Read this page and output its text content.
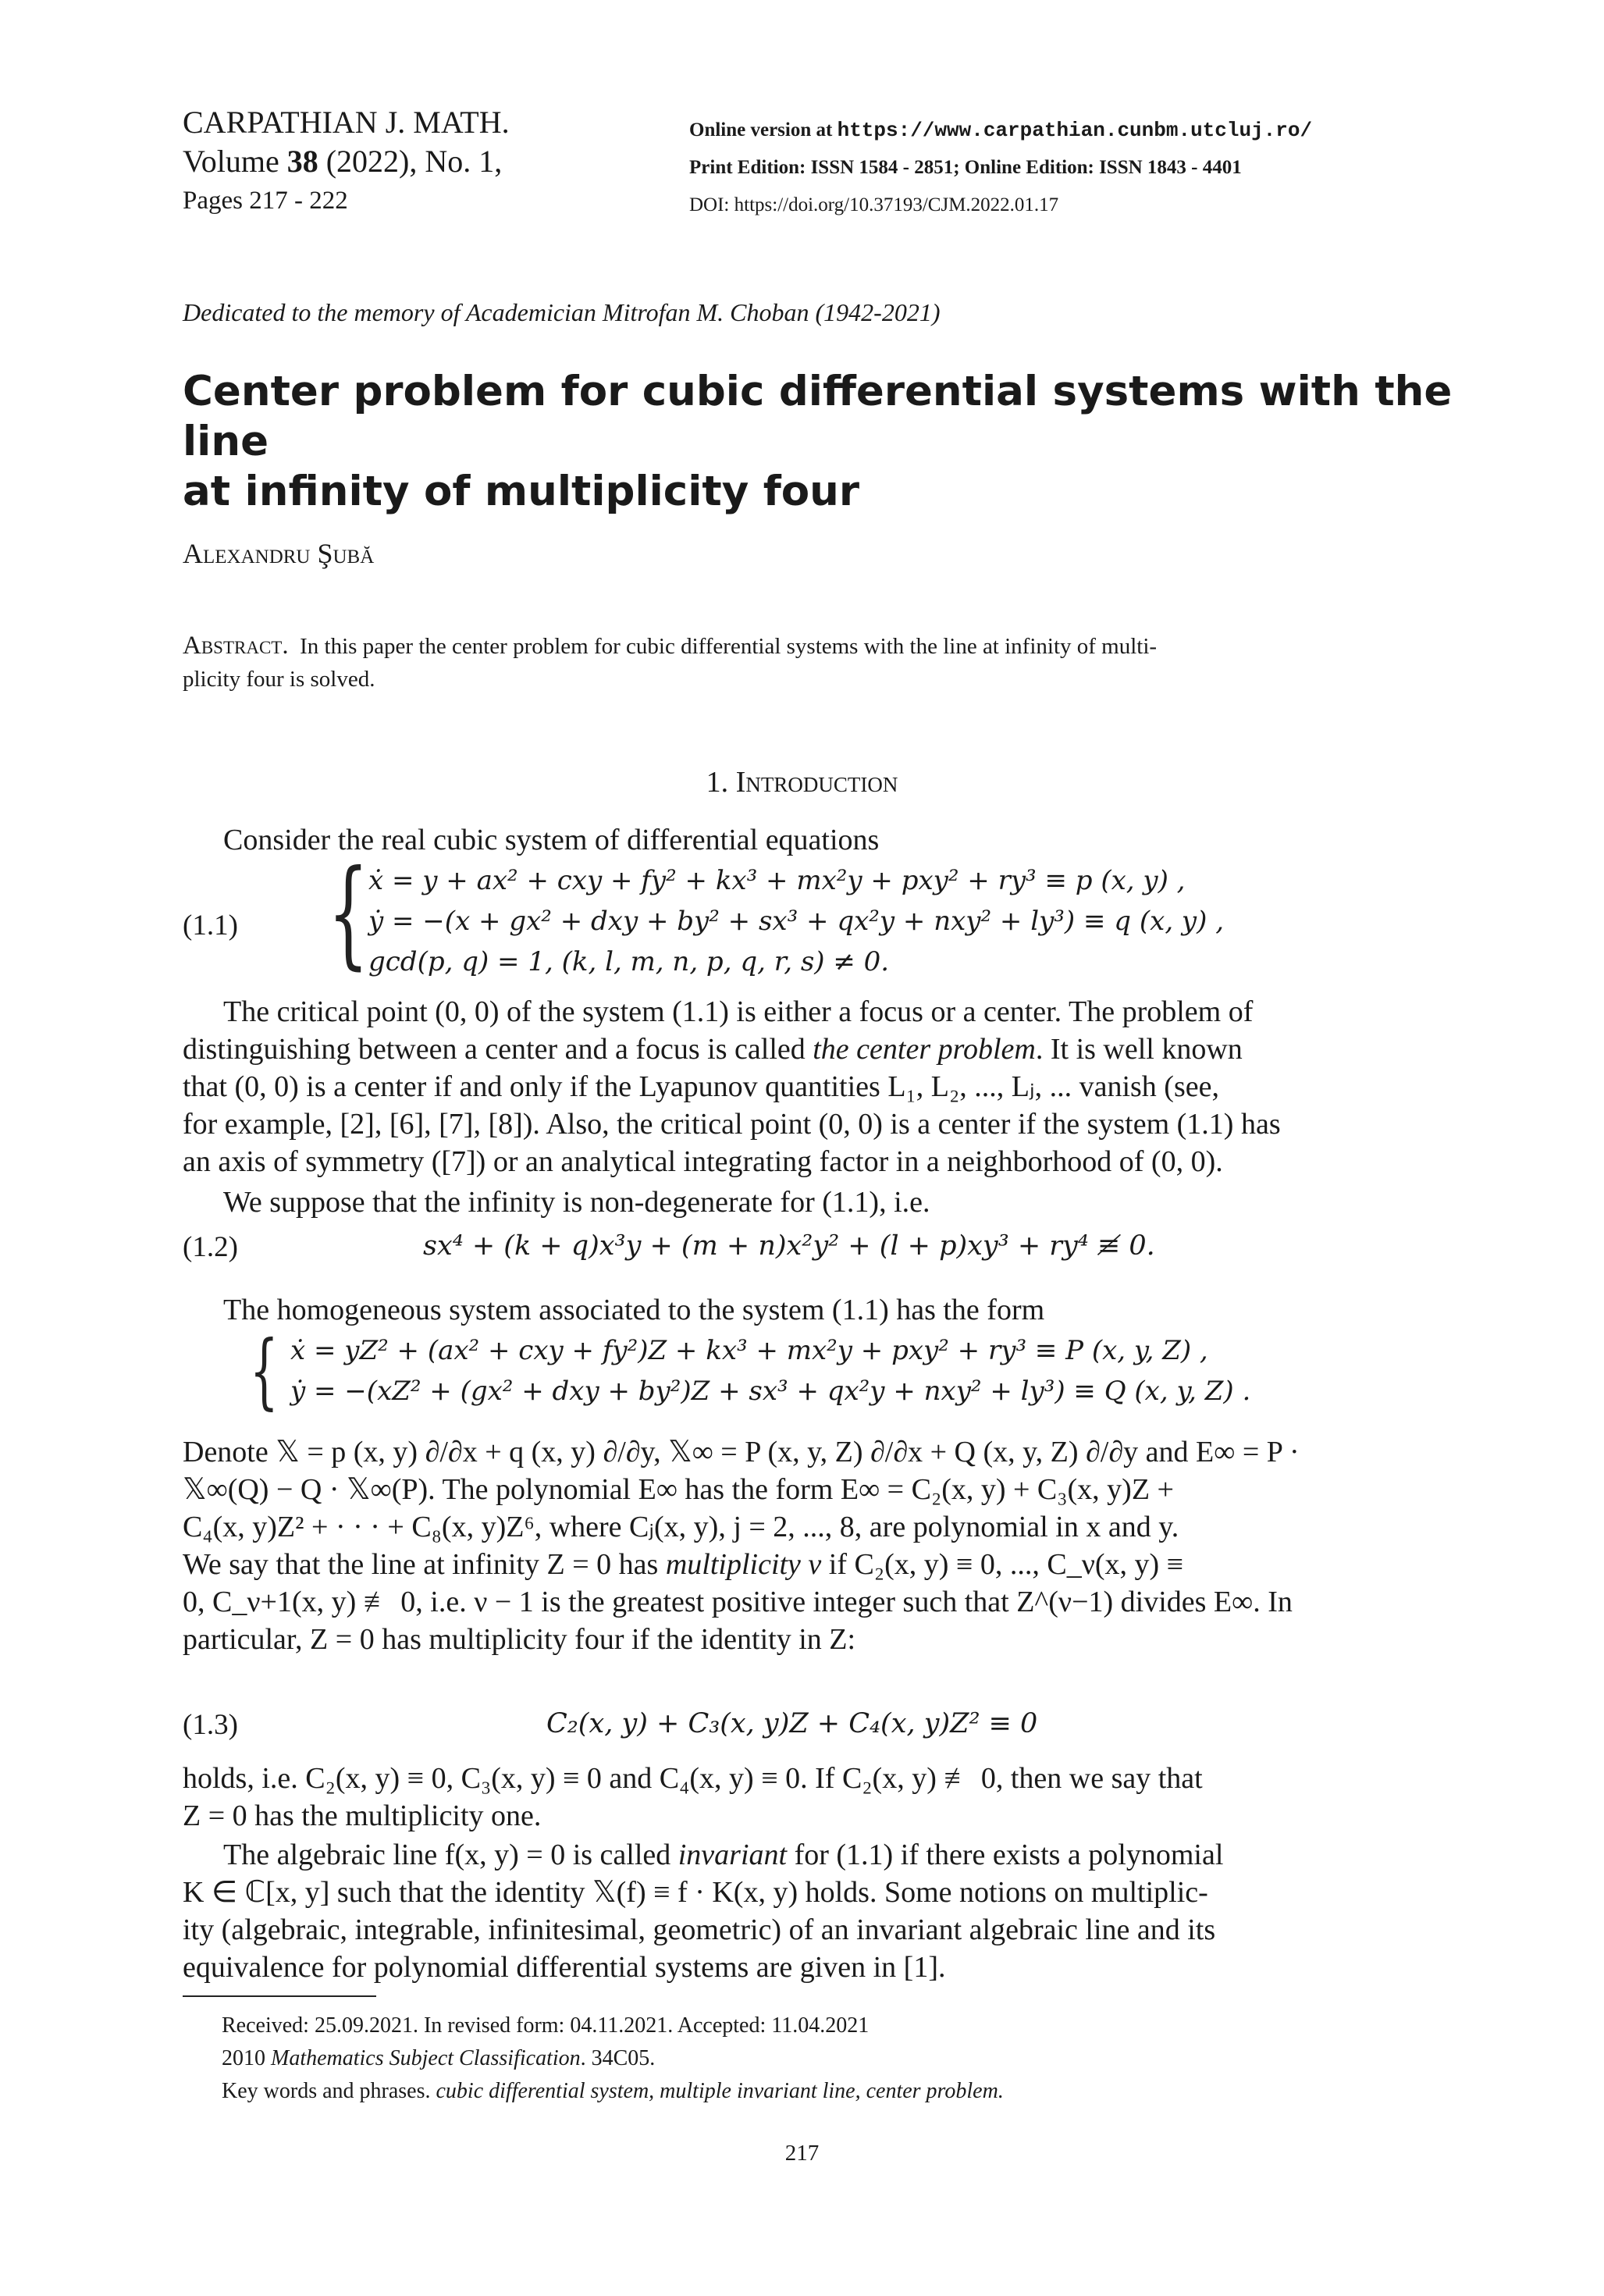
CARPATHIAN J. MATH.
Volume 38 (2022), No. 1,
Pages 217 - 222
Online version at https://www.carpathian.cunbm.utcluj.ro/
Print Edition: ISSN 1584 - 2851; Online Edition: ISSN 1843 - 4401
DOI: https://doi.org/10.37193/CJM.2022.01.17
Dedicated to the memory of Academician Mitrofan M. Choban (1942-2021)
Center problem for cubic differential systems with the line
at infinity of multiplicity four
Alexandru Şubă
Abstract. In this paper the center problem for cubic differential systems with the line at infinity of multi-
plicity four is solved.
1. Introduction
Consider the real cubic system of differential equations
(1.1) { ẋ = y + ax² + cxy + fy² + kx³ + mx²y + pxy² + ry³ ≡ p (x, y) ,
ẏ = −(x + gx² + dxy + by² + sx³ + qx²y + nxy² + ly³) ≡ q (x, y) ,
gcd(p, q) = 1, (k, l, m, n, p, q, r, s) ≠ 0.
The critical point (0, 0) of the system (1.1) is either a focus or a center. The problem of
distinguishing between a center and a focus is called the center problem. It is well known
that (0, 0) is a center if and only if the Lyapunov quantities L₁, L₂, ..., Lⱼ, ... vanish (see,
for example, [2], [6], [7], [8]). Also, the critical point (0, 0) is a center if the system (1.1) has
an axis of symmetry ([7]) or an analytical integrating factor in a neighborhood of (0, 0).
We suppose that the infinity is non-degenerate for (1.1), i.e.
(1.2)	sx⁴ + (k + q)x³y + (m + n)x²y² + (l + p)xy³ + ry⁴ ≢ 0.
The homogeneous system associated to the system (1.1) has the form
{ ẋ = yZ² + (ax² + cxy + fy²)Z + kx³ + mx²y + pxy² + ry³ ≡ P (x, y, Z) ,
ẏ = −(xZ² + (gx² + dxy + by²)Z + sx³ + qx²y + nxy² + ly³) ≡ Q (x, y, Z) .
Denote 𝕏 = p (x, y) ∂/∂x + q (x, y) ∂/∂y, 𝕏∞ = P (x, y, Z) ∂/∂x + Q (x, y, Z) ∂/∂y and E∞ = P ·
𝕏∞(Q) − Q · 𝕏∞(P). The polynomial E∞ has the form E∞ = C₂(x, y) + C₃(x, y)Z +
C₄(x, y)Z² + · · · + C₈(x, y)Z⁶, where Cⱼ(x, y), j = 2, ..., 8, are polynomial in x and y.
We say that the line at infinity Z = 0 has multiplicity ν if C₂(x, y) ≡ 0, ..., C_ν(x, y) ≡
0, C_ν+1(x, y) ≢ 0, i.e. ν − 1 is the greatest positive integer such that Z^(ν−1) divides E∞. In
particular, Z = 0 has multiplicity four if the identity in Z:
(1.3)	C₂(x, y) + C₃(x, y)Z + C₄(x, y)Z² ≡ 0
holds, i.e. C₂(x, y) ≡ 0, C₃(x, y) ≡ 0 and C₄(x, y) ≡ 0. If C₂(x, y) ≢ 0, then we say that
Z = 0 has the multiplicity one.
The algebraic line f(x, y) = 0 is called invariant for (1.1) if there exists a polynomial
K ∈ ℂ[x, y] such that the identity 𝕏(f) ≡ f · K(x, y) holds. Some notions on multiplic-
ity (algebraic, integrable, infinitesimal, geometric) of an invariant algebraic line and its
equivalence for polynomial differential systems are given in [1].
Received: 25.09.2021. In revised form: 04.11.2021. Accepted: 11.04.2021
2010 Mathematics Subject Classification. 34C05.
Key words and phrases. cubic differential system, multiple invariant line, center problem.
217
